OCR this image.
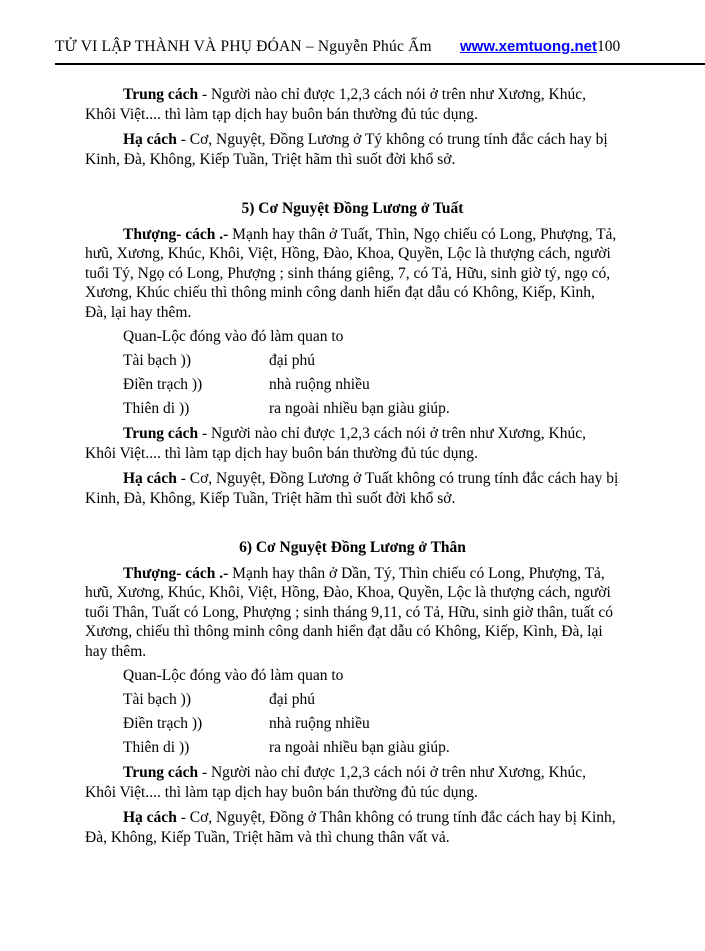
TỬ VI LẬP THÀNH VÀ PHỤ ĐÓAN – Nguyễn Phúc Ấm www.xemtuong.net100

Trung cách - Người nào chỉ được 1,2,3 cách nói ở trên như Xương, Khúc, Khôi Việt.... thì làm tạp dịch hay buôn bán thường đủ túc dụng.

Hạ cách - Cơ, Nguyệt, Đồng Lương ở Tý không có trung tính đắc cách hay bị Kinh, Đà, Không, Kiếp Tuần, Triệt hãm thì suốt đời khổ sở.

5) Cơ Nguyệt Đồng Lương ở Tuất

Thượng- cách .- Mạnh hay thân ở Tuất, Thìn, Ngọ chiếu có Long, Phượng, Tả, hưũ, Xương, Khúc, Khôi, Việt, Hồng, Đào, Khoa, Quyền, Lộc là thượng cách, người tuổi Tý, Ngọ có Long, Phượng ; sinh tháng giêng, 7, có Tả, Hữu, sinh giờ tý, ngọ có, Xương, Khúc chiếu thì thông minh công danh hiển đạt dẫu có Không, Kiếp, Kình, Đà, lại hay thêm.

Quan-Lộc đóng vào đó làm quan to
Tài bạch ))	đại phú
Điền trạch ))	nhà ruộng nhiều
Thiên di ))	ra ngoài nhiều bạn giàu giúp.

Trung cách - Người nào chỉ được 1,2,3 cách nói ở trên như Xương, Khúc, Khôi Việt.... thì làm tạp dịch hay buôn bán thường đủ túc dụng.

Hạ cách - Cơ, Nguyệt, Đồng Lương ở Tuất không có trung tính đắc cách hay bị Kinh, Đà, Không, Kiếp Tuần, Triệt hãm thì suốt đời khổ sở.

6) Cơ Nguyệt Đồng Lương ở Thân

Thượng- cách .- Mạnh hay thân ở Dần, Tý, Thìn chiếu có Long, Phượng, Tả, hưũ, Xương, Khúc, Khôi, Việt, Hồng, Đào, Khoa, Quyền, Lộc là thượng cách, người tuổi Thân, Tuất có Long, Phượng ; sinh tháng 9,11, có Tả, Hữu, sinh giờ thân, tuất có Xương, chiếu thì thông minh công danh hiển đạt dẫu có Không, Kiếp, Kình, Đà, lại hay thêm.

Quan-Lộc đóng vào đó làm quan to
Tài bạch ))	đại phú
Điền trạch ))	nhà ruộng nhiều
Thiên di ))	ra ngoài nhiều bạn giàu giúp.

Trung cách - Người nào chỉ được 1,2,3 cách nói ở trên như Xương, Khúc, Khôi Việt.... thì làm tạp dịch hay buôn bán thường đủ túc dụng.

Hạ cách - Cơ, Nguyệt, Đồng ở Thân không có trung tính đắc cách hay bị Kinh, Đà, Không, Kiếp Tuần, Triệt hãm và thì chung thân vất vả.
